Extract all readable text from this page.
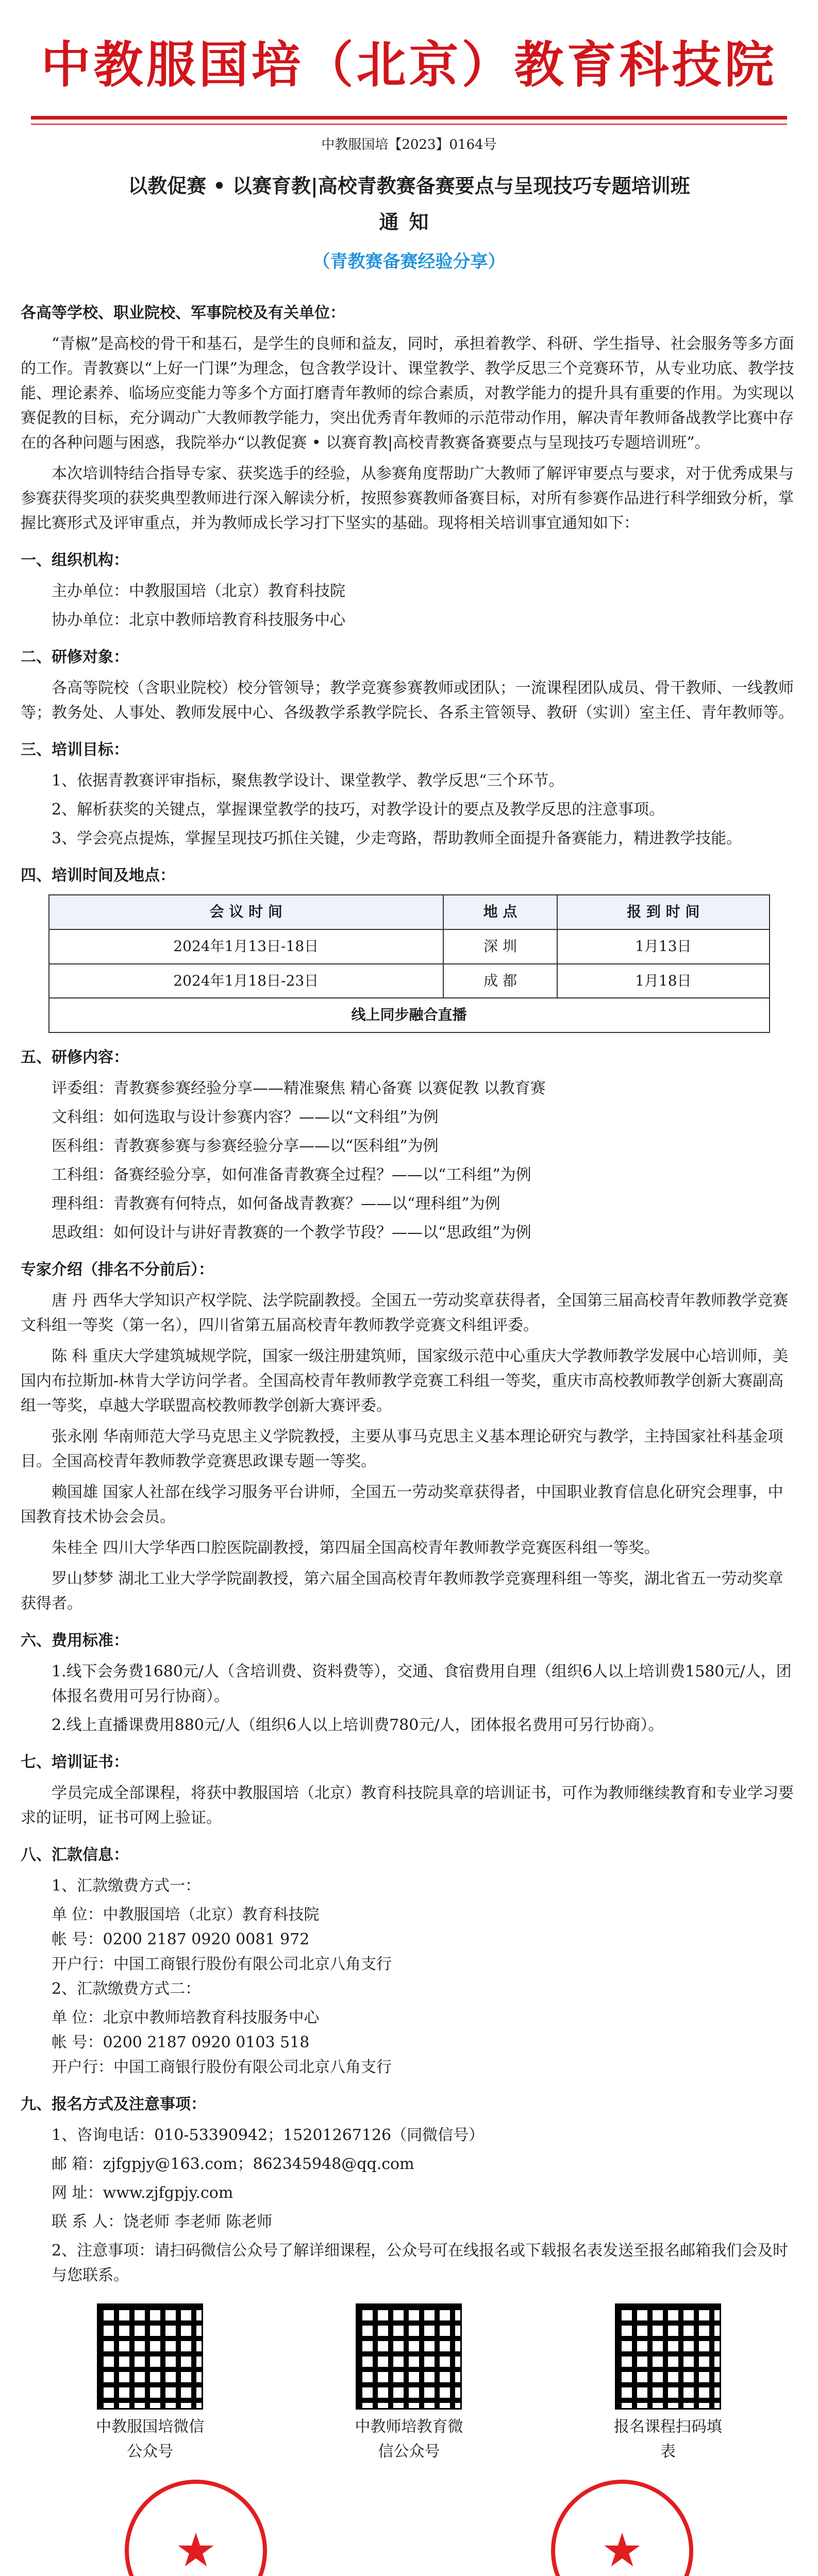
中教服国培（北京）教育科技院
中教服国培【2023】0164号
以教促赛 • 以赛育教|高校青教赛备赛要点与呈现技巧专题培训班
通知
（青教赛备赛经验分享）
各高等学校、职业院校、军事院校及有关单位：

“青椒”是高校的骨干和基石，是学生的良师和益友，同时，承担着教学、科研、学生指导、社会服务等多方面的工作。青教赛以“上好一门课”为理念，包含教学设计、课堂教学、教学反思三个竞赛环节，从专业功底、教学技能、理论素养、临场应变能力等多个方面打磨青年教师的综合素质，对教学能力的提升具有重要的作用。为实现以赛促教的目标，充分调动广大教师教学能力，突出优秀青年教师的示范带动作用，解决青年教师备战教学比赛中存在的各种问题与困惑，我院举办“以教促赛 • 以赛育教|高校青教赛备赛要点与呈现技巧专题培训班”。

本次培训特结合指导专家、获奖选手的经验，从参赛角度帮助广大教师了解评审要点与要求，对于优秀成果与参赛获得奖项的获奖典型教师进行深入解读分析，按照参赛教师备赛目标，对所有参赛作品进行科学细致分析，掌握比赛形式及评审重点，并为教师成长学习打下坚实的基础。现将相关培训事宜通知如下：

一、组织机构：
主办单位：中教服国培（北京）教育科技院
协办单位：北京中教师培教育科技服务中心
二、研修对象：

各高等院校（含职业院校）校分管领导；教学竞赛参赛教师或团队；一流课程团队成员、骨干教师、一线教师等；教务处、人事处、教师发展中心、各级教学系教学院长、各系主管领导、教研（实训）室主任、青年教师等。

三、培训目标：
1、依据青教赛评审指标，聚焦教学设计、课堂教学、教学反思“三个环节。
2、解析获奖的关键点，掌握课堂教学的技巧，对教学设计的要点及教学反思的注意事项。
3、学会亮点提炼，掌握呈现技巧抓住关键，少走弯路，帮助教师全面提升备赛能力，精进教学技能。
四、培训时间及地点：
会 议 时 间	地 点	报 到 时 间
2024年1月13日-18日	深 圳	1月13日
2024年1月18日-23日	成 都	1月18日
线上同步融合直播		
五、研修内容：
评委组：青教赛参赛经验分享——精准聚焦 精心备赛 以赛促教 以教育赛
文科组：如何选取与设计参赛内容？——以“文科组”为例
医科组：青教赛参赛与参赛经验分享——以“医科组”为例
工科组：备赛经验分享，如何准备青教赛全过程？——以“工科组”为例
理科组：青教赛有何特点，如何备战青教赛？——以“理科组”为例
思政组：如何设计与讲好青教赛的一个教学节段？——以“思政组”为例
专家介绍（排名不分前后）：

唐 丹 西华大学知识产权学院、法学院副教授。全国五一劳动奖章获得者，全国第三届高校青年教师教学竞赛文科组一等奖（第一名），四川省第五届高校青年教师教学竞赛文科组评委。

陈 科 重庆大学建筑城规学院，国家一级注册建筑师，国家级示范中心重庆大学教师教学发展中心培训师，美国内布拉斯加-林肯大学访问学者。全国高校青年教师教学竞赛工科组一等奖，重庆市高校教师教学创新大赛副高组一等奖，卓越大学联盟高校教师教学创新大赛评委。

张永刚 华南师范大学马克思主义学院教授，主要从事马克思主义基本理论研究与教学，主持国家社科基金项目。全国高校青年教师教学竞赛思政课专题一等奖。

赖国雄 国家人社部在线学习服务平台讲师，全国五一劳动奖章获得者，中国职业教育信息化研究会理事，中国教育技术协会会员。

朱桂全 四川大学华西口腔医院副教授，第四届全国高校青年教师教学竞赛医科组一等奖。

罗山梦梦 湖北工业大学学院副教授，第六届全国高校青年教师教学竞赛理科组一等奖，湖北省五一劳动奖章获得者。

六、费用标准：
1.线下会务费1680元/人（含培训费、资料费等），交通、食宿费用自理（组织6人以上培训费1580元/人，团体报名费用可另行协商）。
2.线上直播课费用880元/人（组织6人以上培训费780元/人，团体报名费用可另行协商）。
七、培训证书：

学员完成全部课程，将获中教服国培（北京）教育科技院具章的培训证书，可作为教师继续教育和专业学习要求的证明，证书可网上验证。

八、汇款信息：
1、汇款缴费方式一：
单 位：中教服国培（北京）教育科技院
帐 号：0200 2187 0920 0081 972
开户行：中国工商银行股份有限公司北京八角支行
2、汇款缴费方式二：
单 位：北京中教师培教育科技服务中心
帐 号：0200 2187 0920 0103 518
开户行：中国工商银行股份有限公司北京八角支行
九、报名方式及注意事项：
1、咨询电话：010-53390942；15201267126（同微信号）
邮 箱：zjfgpjy@163.com；862345948@qq.com
网 址：www.zjfgpjy.com
联 系 人：饶老师 李老师 陈老师
2、注意事项：请扫码微信公众号了解详细课程，公众号可在线报名或下载报名表发送至报名邮箱我们会及时与您联系。
中教服国培微信公众号
中教师培教育微信公众号
报名课程扫码填表
★	★
